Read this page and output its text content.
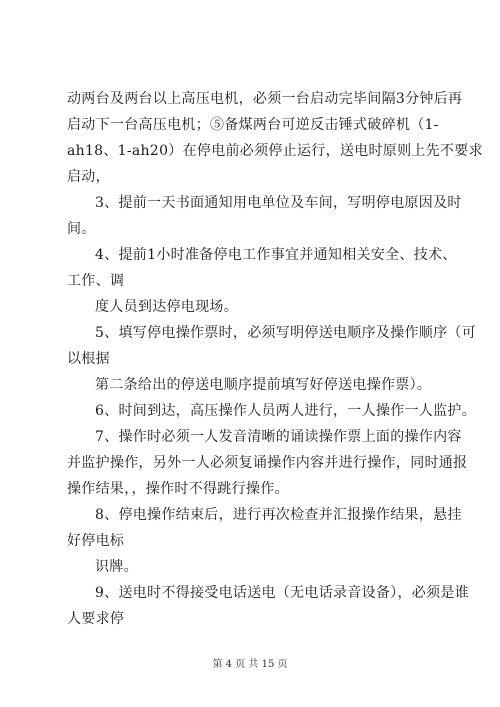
动两台及两台以上高压电机，必须一台启动完毕间隔3分钟后再
启动下一台高压电机；⑤备煤两台可逆反击锤式破碎机（1-
ah18、1-ah20）在停电前必须停止运行，送电时原则上先不要求
启动，
3、提前一天书面通知用电单位及车间，写明停电原因及时
间。
4、提前1小时准备停电工作事宜并通知相关安全、技术、
工作、调
度人员到达停电现场。
5、填写停电操作票时，必须写明停送电顺序及操作顺序（可
以根据
第二条给出的停送电顺序提前填写好停送电操作票）。
6、时间到达，高压操作人员两人进行，一人操作一人监护。
7、操作时必须一人发音清晰的诵读操作票上面的操作内容
并监护操作，另外一人必须复诵操作内容并进行操作，同时通报
操作结果，，操作时不得跳行操作。
8、停电操作结束后，进行再次检查并汇报操作结果，悬挂
好停电标
识牌。
9、送电时不得接受电话送电（无电话录音设备），必须是谁
人要求停
第 4 页 共 15 页
